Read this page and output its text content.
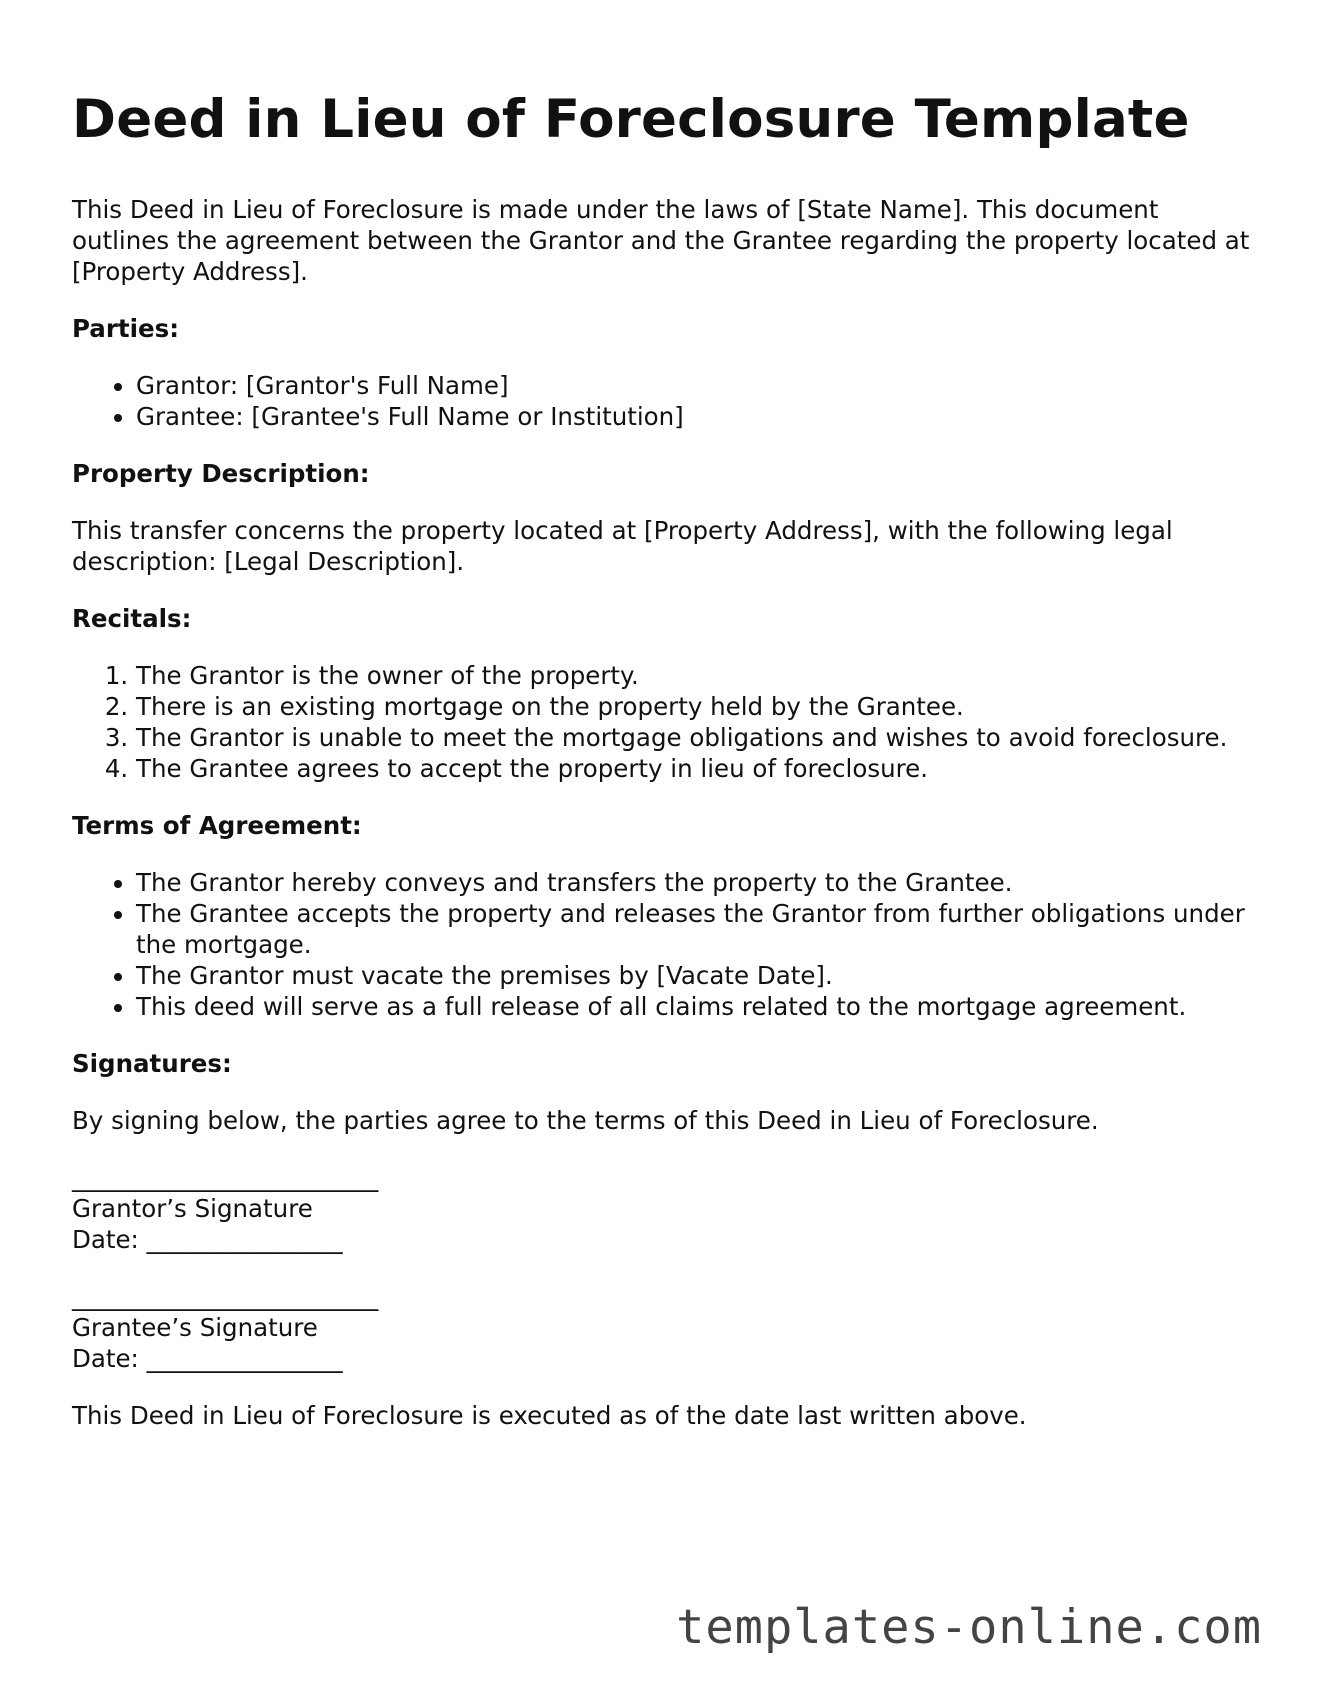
Deed in Lieu of Foreclosure Template

This Deed in Lieu of Foreclosure is made under the laws of [State Name]. This document outlines the agreement between the Grantor and the Grantee regarding the property located at [Property Address].

Parties:

• Grantor: [Grantor's Full Name]
• Grantee: [Grantee's Full Name or Institution]

Property Description:

This transfer concerns the property located at [Property Address], with the following legal description: [Legal Description].

Recitals:

1. The Grantor is the owner of the property.
2. There is an existing mortgage on the property held by the Grantee.
3. The Grantor is unable to meet the mortgage obligations and wishes to avoid foreclosure.
4. The Grantee agrees to accept the property in lieu of foreclosure.

Terms of Agreement:

• The Grantor hereby conveys and transfers the property to the Grantee.
• The Grantee accepts the property and releases the Grantor from further obligations under the mortgage.
• The Grantor must vacate the premises by [Vacate Date].
• This deed will serve as a full release of all claims related to the mortgage agreement.

Signatures:

By signing below, the parties agree to the terms of this Deed in Lieu of Foreclosure.

_________________________
Grantor’s Signature
Date: ________________
_________________________
Grantee’s Signature
Date: ________________

This Deed in Lieu of Foreclosure is executed as of the date last written above.

templates-online.com
